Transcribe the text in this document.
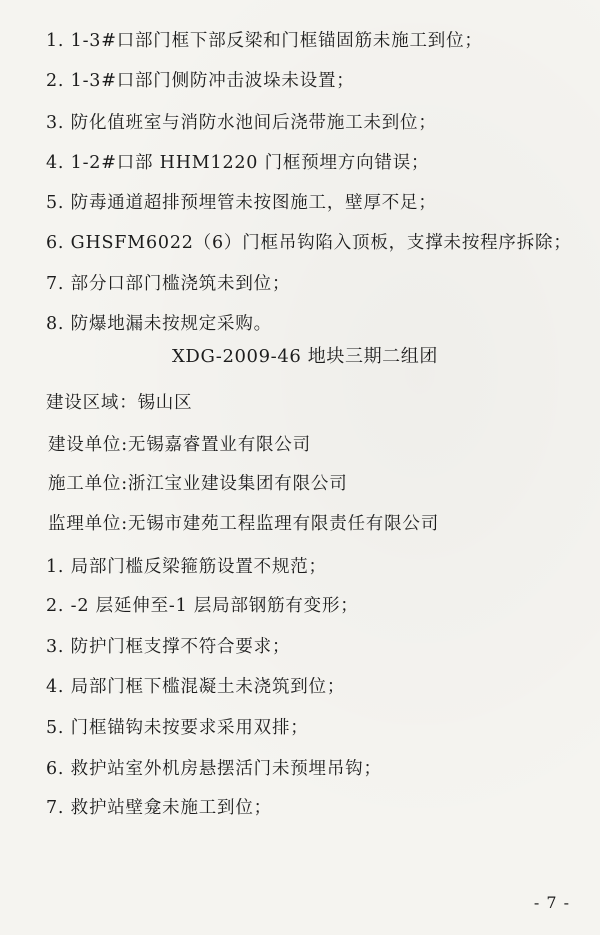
1. 1-3#口部门框下部反梁和门框锚固筋未施工到位；
2. 1-3#口部门侧防冲击波垛未设置；
3. 防化值班室与消防水池间后浇带施工未到位；
4. 1-2#口部 HHM1220 门框预埋方向错误；
5. 防毒通道超排预埋管未按图施工，壁厚不足；
6. GHSFM6022（6）门框吊钩陷入顶板，支撑未按程序拆除；
7. 部分口部门槛浇筑未到位；
8. 防爆地漏未按规定采购。
XDG-2009-46 地块三期二组团
建设区域：锡山区
建设单位:无锡嘉睿置业有限公司
施工单位:浙江宝业建设集团有限公司
监理单位:无锡市建苑工程监理有限责任有限公司
1. 局部门槛反梁箍筋设置不规范；
2. -2 层延伸至-1 层局部钢筋有变形；
3. 防护门框支撑不符合要求；
4. 局部门框下槛混凝土未浇筑到位；
5. 门框锚钩未按要求采用双排；
6. 救护站室外机房悬摆活门未预埋吊钩；
7. 救护站壁龛未施工到位；
- 7 -
